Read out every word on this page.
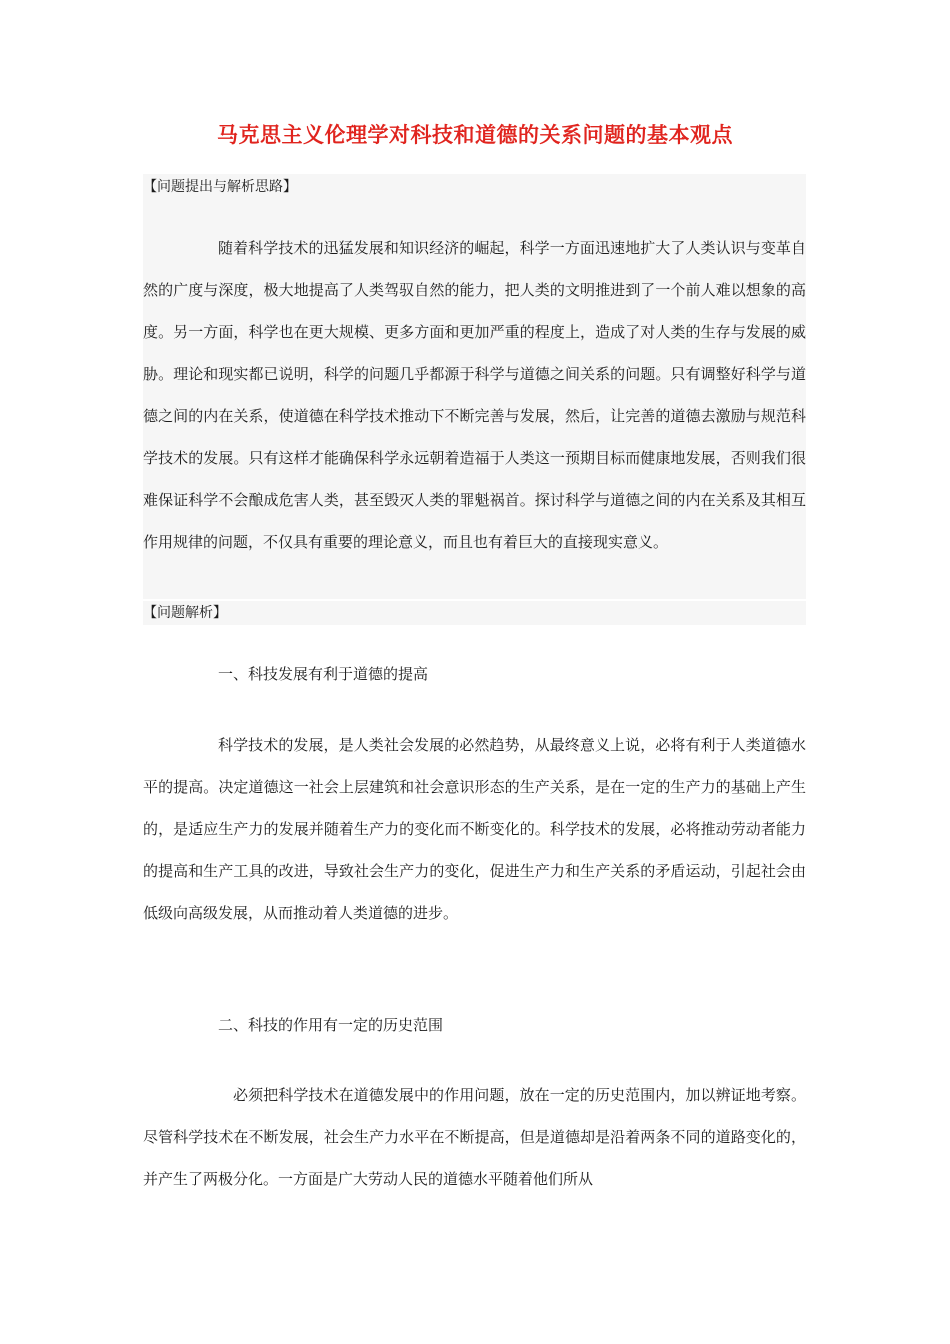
马克思主义伦理学对科技和道德的关系问题的基本观点
【问题提出与解析思路】

随着科学技术的迅猛发展和知识经济的崛起，科学一方面迅速地扩大了人类认识与变革自然的广度与深度，极大地提高了人类驾驭自然的能力，把人类的文明推进到了一个前人难以想象的高度。另一方面，科学也在更大规模、更多方面和更加严重的程度上，造成了对人类的生存与发展的威胁。理论和现实都已说明，科学的问题几乎都源于科学与道德之间关系的问题。只有调整好科学与道德之间的内在关系，使道德在科学技术推动下不断完善与发展，然后，让完善的道德去激励与规范科学技术的发展。只有这样才能确保科学永远朝着造福于人类这一预期目标而健康地发展，否则我们很难保证科学不会酿成危害人类，甚至毁灭人类的罪魁祸首。探讨科学与道德之间的内在关系及其相互作用规律的问题，不仅具有重要的理论意义，而且也有着巨大的直接现实意义。

【问题解析】
一、科技发展有利于道德的提高

科学技术的发展，是人类社会发展的必然趋势，从最终意义上说，必将有利于人类道德水平的提高。决定道德这一社会上层建筑和社会意识形态的生产关系，是在一定的生产力的基础上产生的，是适应生产力的发展并随着生产力的变化而不断变化的。科学技术的发展，必将推动劳动者能力的提高和生产工具的改进，导致社会生产力的变化，促进生产力和生产关系的矛盾运动，引起社会由低级向高级发展，从而推动着人类道德的进步。

二、科技的作用有一定的历史范围

必须把科学技术在道德发展中的作用问题，放在一定的历史范围内，加以辨证地考察。尽管科学技术在不断发展，社会生产力水平在不断提高，但是道德却是沿着两条不同的道路变化的，并产生了两极分化。一方面是广大劳动人民的道德水平随着他们所从
